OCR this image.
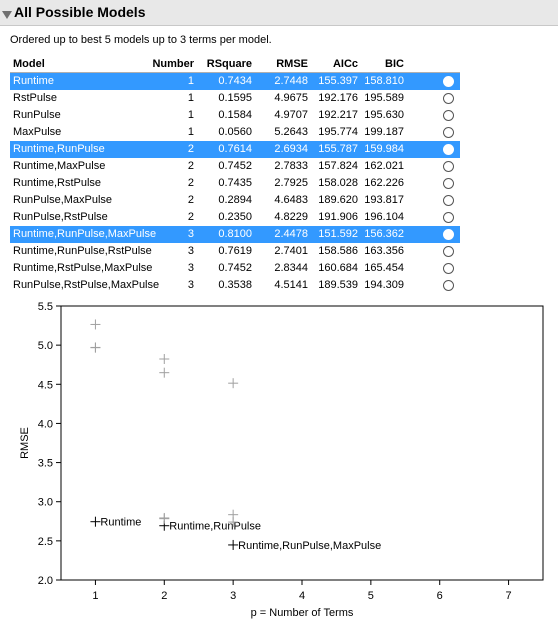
All Possible Models
Ordered up to best 5 models up to 3 terms per model.
Model	Number RSquare RMSE AICc BIC
Runtime	1 0.7434 2.7448 155.397 158.810
RstPulse	1 0.1595 4.9675 192.176 195.589
RunPulse	1 0.1584 4.9707 192.217 195.630
MaxPulse	1 0.0560 5.2643 195.774 199.187
Runtime,RunPulse	2 0.7614 2.6934 155.787 159.984
Runtime,MaxPulse	2 0.7452 2.7833 157.824 162.021
Runtime,RstPulse	2 0.7435 2.7925 158.028 162.226
RunPulse,MaxPulse	2 0.2894 4.6483 189.620 193.817
RunPulse,RstPulse	2 0.2350 4.8229 191.906 196.104
Runtime,RunPulse,MaxPulse	3 0.8100 2.4478 151.592 156.362
Runtime,RunPulse,RstPulse	3 0.7619 2.7401 158.586 163.356
Runtime,RstPulse,MaxPulse	3 0.7452 2.8344 160.684 165.454
RunPulse,RstPulse,MaxPulse	3 0.3538 4.5141 189.539 194.309
2.0
2.5
3.0
3.5
4.0
4.5
5.0
5.5
1	2	3	4	5	6	7
p = Number of Terms
RMSE
Runtime	Runtime,RunPulse
Runtime,RunPulse,MaxPulse
